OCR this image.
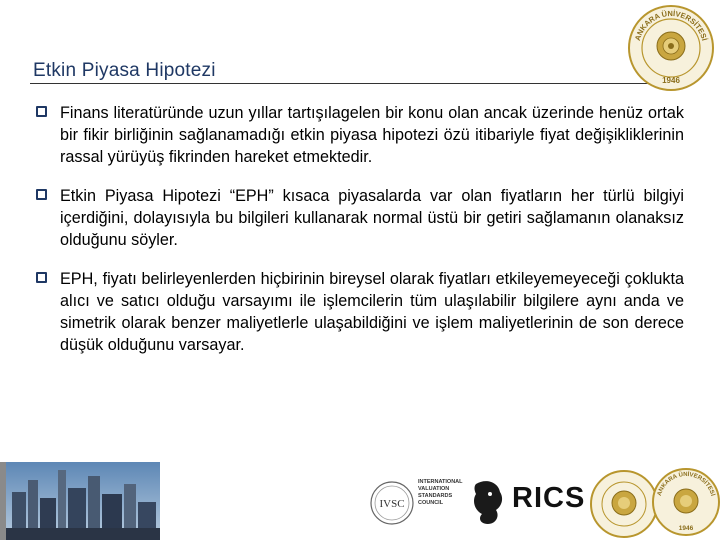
Etkin Piyasa Hipotezi
ANKARA ÜNİVERSİTESİ
1946
Finans literatüründe uzun yıllar tartışılagelen bir konu olan ancak üzerinde henüz ortak bir fikir birliğinin sağlanamadığı etkin piyasa hipotezi özü itibariyle fiyat değişikliklerinin rassal yürüyüş fikrinden hareket etmektedir.
Etkin Piyasa Hipotezi “EPH” kısaca piyasalarda var olan fiyatların her türlü bilgiyi içerdiğini, dolayısıyla bu bilgileri kullanarak normal üstü bir getiri sağlamanın olanaksız olduğunu söyler.
EPH, fiyatı belirleyenlerden hiçbirinin bireysel olarak fiyatları etkileyemeyeceği çoklukta alıcı ve satıcı olduğu varsayımı ile işlemcilerin tüm ulaşılabilir bilgilere aynı anda ve simetrik olarak benzer maliyetlerle ulaşabildiğini ve işlem maliyetlerinin de son derece düşük olduğunu varsayar.
IVSC
INTERNATIONAL
VALUATION
STANDARDS
COUNCIL	RICS	ANKARA ÜNİVERSİTESİ
1946
